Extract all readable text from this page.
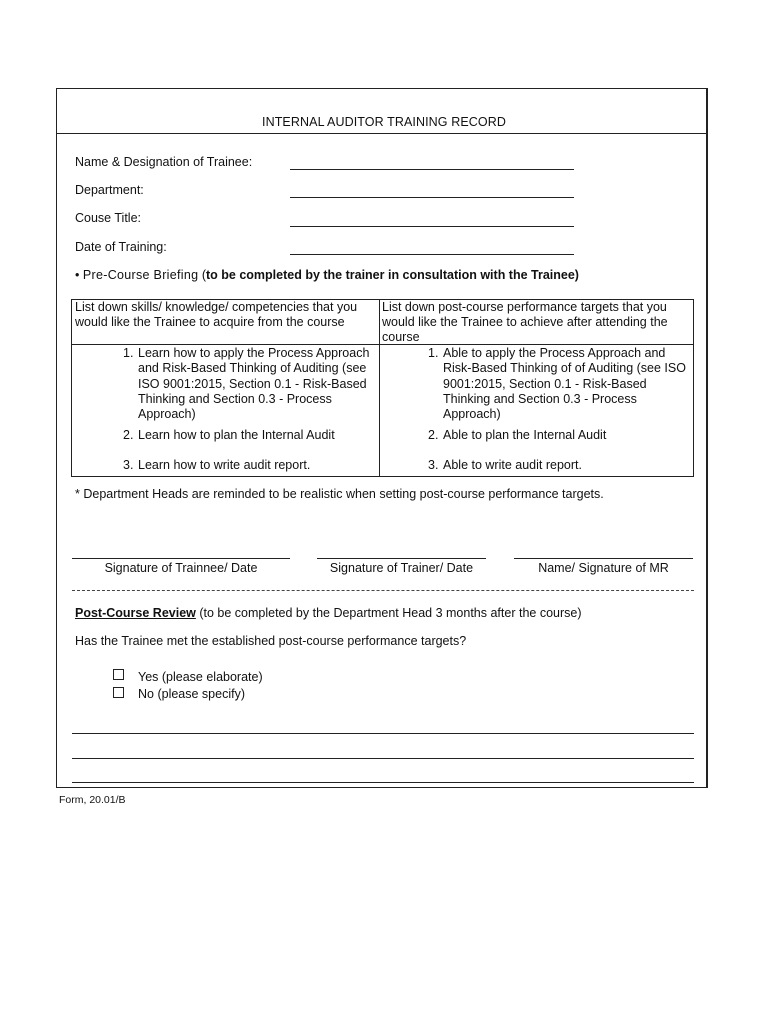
INTERNAL AUDITOR TRAINING RECORD
Name & Designation of Trainee:
Department:
Couse Title:
Date of Training:
• Pre-Course Briefing (to be completed by the trainer in consultation with the Trainee)
List down skills/ knowledge/ competencies that you would like the Trainee to acquire from the course
List down post-course performance targets that you would like the Trainee to achieve after attending the course
1. Learn how to apply the Process Approach and Risk-Based Thinking of Auditing (see ISO 9001:2015, Section 0.1 - Risk-Based Thinking and Section 0.3 - Process Approach)
2. Learn how to plan the Internal Audit
3. Learn how to write audit report.
1. Able to apply the Process Approach and Risk-Based Thinking of of Auditing (see ISO 9001:2015, Section 0.1 - Risk-Based Thinking and Section 0.3 - Process Approach)
2. Able to plan the Internal Audit
3. Able to write audit report.
* Department Heads are reminded to be realistic when setting post-course performance targets.
Signature of Trainnee/ Date	Signature of Trainer/ Date	Name/ Signature of MR
Post-Course Review (to be completed by the Department Head 3 months after the course)
Has the Trainee met the established post-course performance targets?
Yes (please elaborate)
No (please specify)
Form, 20.01/B
